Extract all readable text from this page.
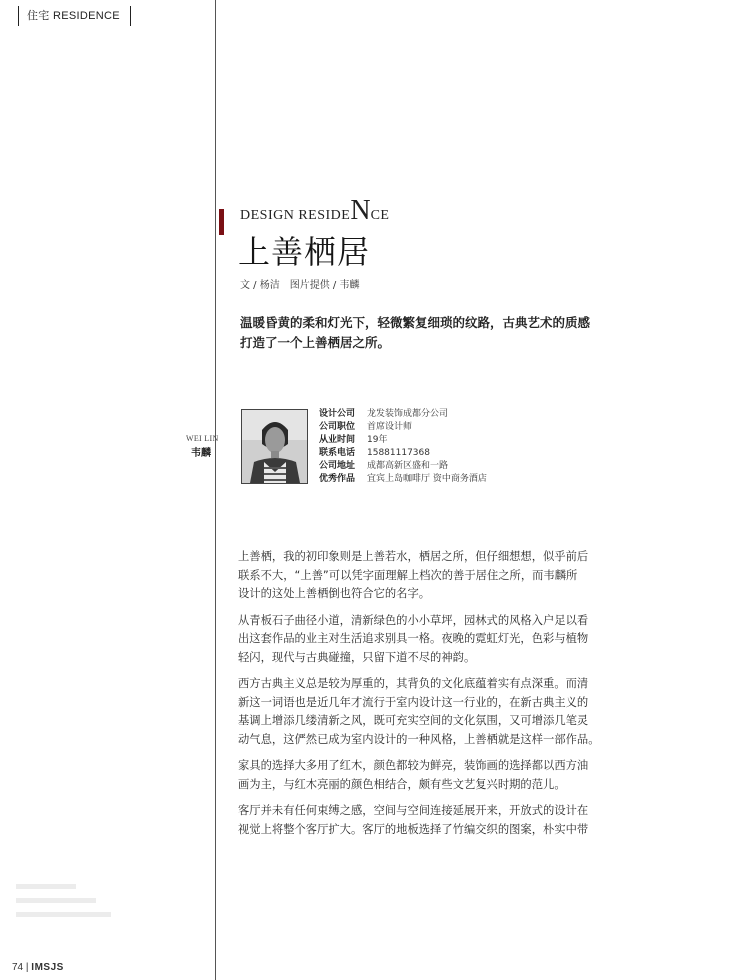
住宅 RESIDENCE
DESIGN RESIDENCE
上善栖居
文 / 杨洁 图片提供 / 韦麟

温暖昏黄的柔和灯光下，轻微繁复细琐的纹路，古典艺术的质感

打造了一个上善栖居之所。

WEI LIN
韦麟
设计公司	龙发装饰成都分公司
公司职位	首席设计师
从业时间	19年
联系电话	15881117368
公司地址	成都高新区盛和一路
优秀作品	宜宾上岛咖啡厅 资中商务酒店

上善栖，我的初印象则是上善若水，栖居之所，但仔细想想，似乎前后
联系不大，“上善”可以凭字面理解上档次的善于居住之所，而韦麟所
设计的这处上善栖倒也符合它的名字。

从青板石子曲径小道，清新绿色的小小草坪，园林式的风格入户足以看
出这套作品的业主对生活追求别具一格。夜晚的霓虹灯光，色彩与植物
轻闪，现代与古典碰撞，只留下道不尽的神韵。

西方古典主义总是较为厚重的，其背负的文化底蕴着实有点深重。而清
新这一词语也是近几年才流行于室内设计这一行业的，在新古典主义的
基调上增添几缕清新之风，既可充实空间的文化氛围，又可增添几笔灵
动气息，这俨然已成为室内设计的一种风格，上善栖就是这样一部作品。

家具的选择大多用了红木，颜色都较为鲜亮，装饰画的选择都以西方油
画为主，与红木亮丽的颜色相结合，颇有些文艺复兴时期的范儿。

客厅并未有任何束缚之感，空间与空间连接延展开来，开放式的设计在
视觉上将整个客厅扩大。客厅的地板选择了竹编交织的图案，朴实中带

74 | IMSJS
